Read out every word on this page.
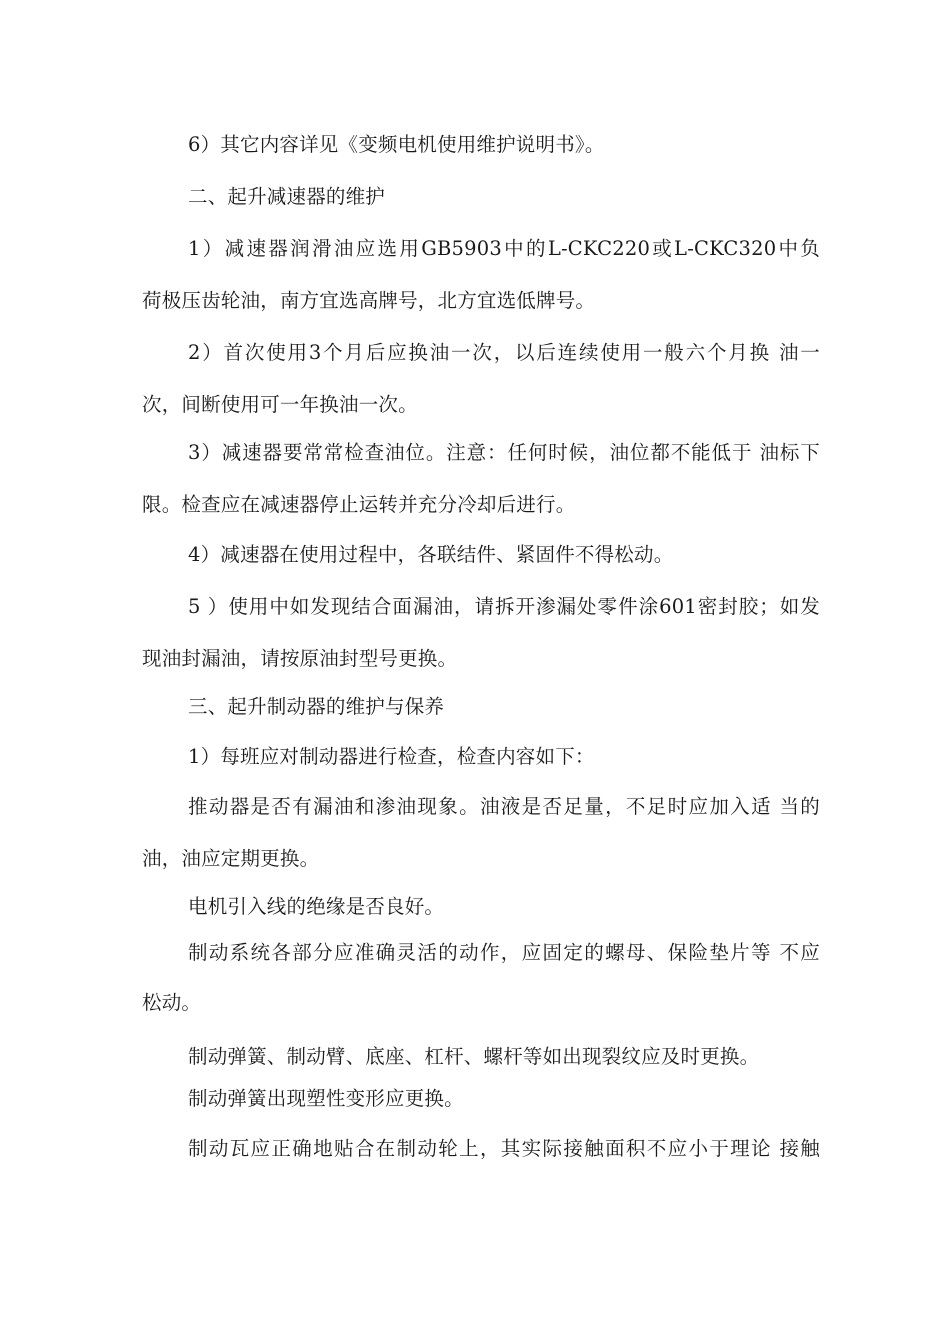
6）其它内容详见《变频电机使用维护说明书》。
二、起升减速器的维护
1）减速器润滑油应选用GB5903中的L-CKC220或L-CKC320中负
荷极压齿轮油，南方宜选高牌号，北方宜选低牌号。
2）首次使用3个月后应换油一次，以后连续使用一般六个月换 油一
次，间断使用可一年换油一次。
3）减速器要常常检查油位。注意：任何时候，油位都不能低于 油标下
限。检查应在减速器停止运转并充分冷却后进行。
4）减速器在使用过程中，各联结件、紧固件不得松动。
5 ）使用中如发现结合面漏油，请拆开渗漏处零件涂601密封胶；如发
现油封漏油，请按原油封型号更换。
三、起升制动器的维护与保养
1）每班应对制动器进行检查，检查内容如下：
推动器是否有漏油和渗油现象。油液是否足量，不足时应加入适 当的
油，油应定期更换。
电机引入线的绝缘是否良好。
制动系统各部分应准确灵活的动作，应固定的螺母、保险垫片等 不应
松动。
制动弹簧、制动臂、底座、杠杆、螺杆等如出现裂纹应及时更换。
制动弹簧出现塑性变形应更换。
制动瓦应正确地贴合在制动轮上，其实际接触面积不应小于理论 接触
